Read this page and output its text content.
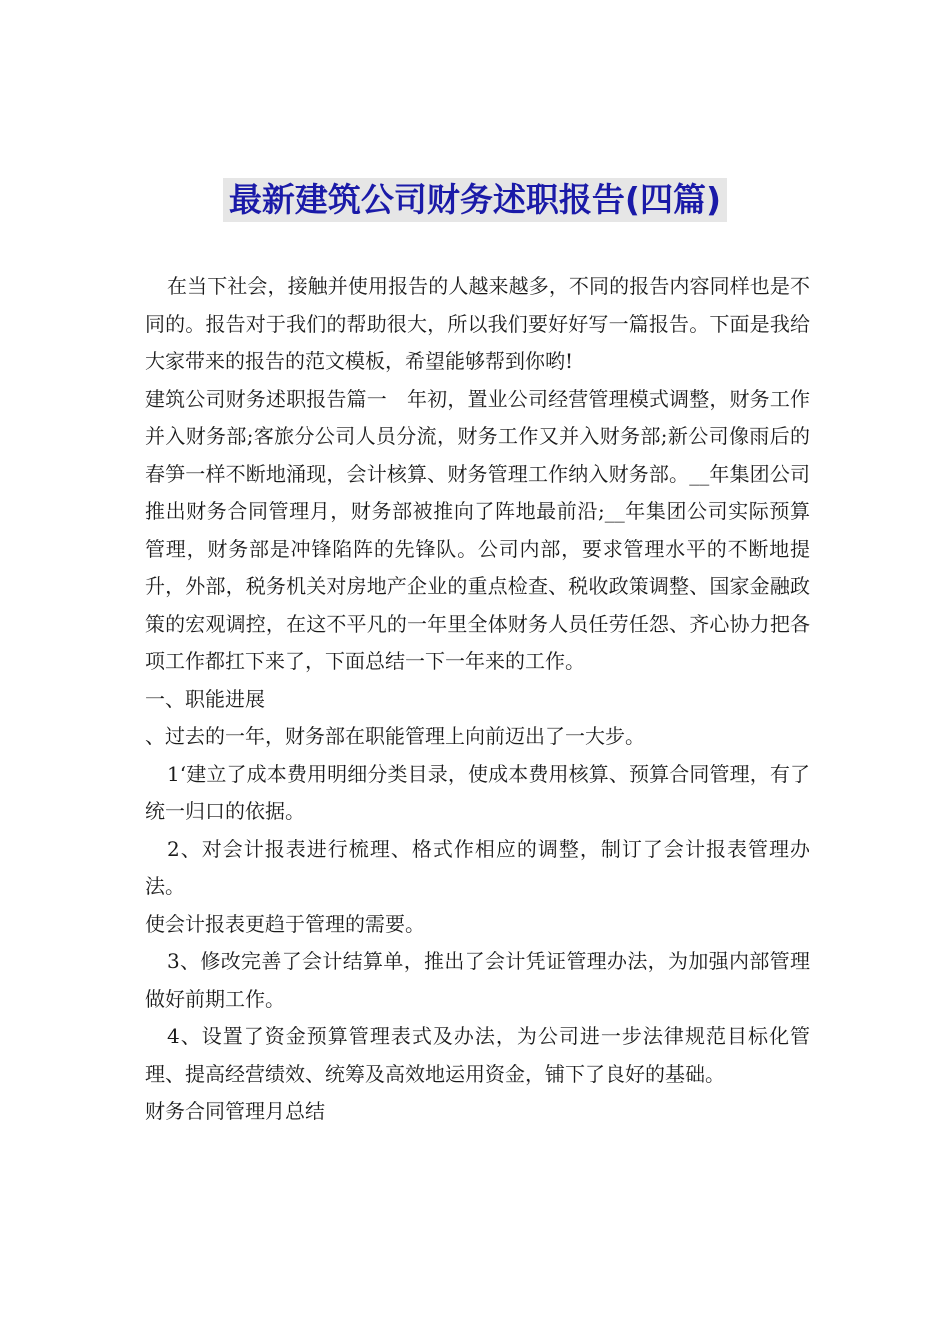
最新建筑公司财务述职报告(四篇)

在当下社会，接触并使用报告的人越来越多，不同的报告内容同样也是不同的。报告对于我们的帮助很大，所以我们要好好写一篇报告。下面是我给大家带来的报告的范文模板，希望能够帮到你哟!

建筑公司财务述职报告篇一　年初，置业公司经营管理模式调整，财务工作并入财务部;客旅分公司人员分流，财务工作又并入财务部;新公司像雨后的春笋一样不断地涌现，会计核算、财务管理工作纳入财务部。__年集团公司推出财务合同管理月，财务部被推向了阵地最前沿;__年集团公司实际预算管理，财务部是冲锋陷阵的先锋队。公司内部，要求管理水平的不断地提升，外部，税务机关对房地产企业的重点检查、税收政策调整、国家金融政策的宏观调控，在这不平凡的一年里全体财务人员任劳任怨、齐心协力把各项工作都扛下来了，下面总结一下一年来的工作。

一、职能进展

、过去的一年，财务部在职能管理上向前迈出了一大步。

1‘建立了成本费用明细分类目录，使成本费用核算、预算合同管理，有了统一归口的依据。

2、对会计报表进行梳理、格式作相应的调整，制订了会计报表管理办法。

使会计报表更趋于管理的需要。

3、修改完善了会计结算单，推出了会计凭证管理办法，为加强内部管理做好前期工作。

4、设置了资金预算管理表式及办法，为公司进一步法律规范目标化管理、提高经营绩效、统筹及高效地运用资金，铺下了良好的基础。

财务合同管理月总结
